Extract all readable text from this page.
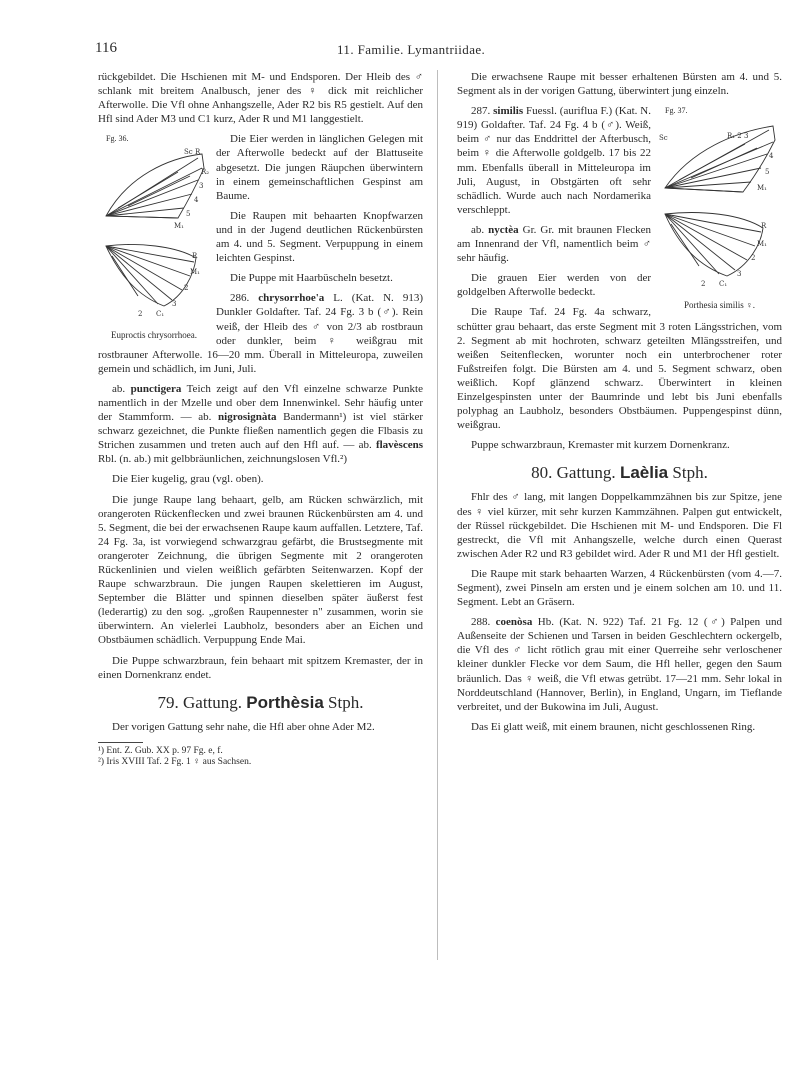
116	11. Familie. Lymantriidae.

rückgebildet. Die Hschienen mit M- und Endsporen. Der Hleib des ♂ schlank mit breitem Analbusch, jener des ♀ dick mit reichlicher Afterwolle. Die Vfl ohne Anhangszelle, Ader R2 bis R5 gestielt. Auf den Hfl sind Ader M3 und C1 kurz, Ader R und M1 langgestielt.

Fg. 36.
Sc R
R₂
3
4
5
M₁
R
M₁
2
3
C₁
2
Euproctis chrysorrhoea.

Die Eier werden in länglichen Gelegen mit der Afterwolle bedeckt auf der Blattuseite abgesetzt. Die jungen Räupchen überwintern in einem gemeinschaftlichen Gespinst am Baume.

Die Raupen mit behaarten Knopfwarzen und in der Jugend deutlichen Rückenbürsten am 4. und 5. Segment. Verpuppung in einem leichten Gespinst.

Die Puppe mit Haarbüscheln besetzt.

286. chrysorrhoe'a L. (Kat. N. 913) Dunkler Goldafter. Taf. 24 Fg. 3 b (♂). Rein weiß, der Hleib des ♂ von 2/3 ab rostbraun oder dunkler, beim ♀ weißgrau mit rostbrauner Afterwolle. 16—20 mm. Überall in Mitteleuropa, zuweilen gemein und schädlich, im Juni, Juli.

ab. punctigera Teich zeigt auf den Vfl einzelne schwarze Punkte namentlich in der Mzelle und ober dem Innenwinkel. Sehr häufig unter der Stammform. — ab. nigrosignàta Bandermann¹) ist viel stärker schwarz gezeichnet, die Punkte fließen namentlich gegen die Flbasis zu Strichen zusammen und treten auch auf den Hfl auf. — ab. flavèscens Rbl. (n. ab.) mit gelbbräunlichen, zeichnungslosen Vfl.²)

Die Eier kugelig, grau (vgl. oben).

Die junge Raupe lang behaart, gelb, am Rücken schwärzlich, mit orangeroten Rückenflecken und zwei braunen Rückenbürsten am 4. und 5. Segment, die bei der erwachsenen Raupe kaum auffallen. Letztere, Taf. 24 Fg. 3a, ist vorwiegend schwarzgrau gefärbt, die Brustsegmente mit orangeroter Zeichnung, die übrigen Segmente mit 2 orangeroten Rückenlinien und vielen weißlich gefärbten Seitenwarzen. Kopf der Raupe schwarzbraun. Die jungen Raupen skelettieren im August, September die Blätter und spinnen dieselben später äußerst fest (lederartig) zu den sog. „großen Raupennester n" zusammen, worin sie überwintern. An vielerlei Laubholz, besonders aber an Eichen und Obstbäumen schädlich. Verpuppung Ende Mai.

Die Puppe schwarzbraun, fein behaart mit spitzem Kremaster, der in einen Dornenkranz endet.

79. Gattung. Porthèsia Stph.

Der vorigen Gattung sehr nahe, die Hfl aber ohne Ader M2.

¹) Ent. Z. Gub. XX p. 97 Fg. e, f.

²) Iris XVIII Taf. 2 Fg. 1 ♀ aus Sachsen.

Die erwachsene Raupe mit besser erhaltenen Bürsten am 4. und 5. Segment als in der vorigen Gattung, überwintert jung einzeln.

Fg. 37.
Sc	R₁ 2 3
4
5
M₁
R
M₁
2
3
C₁
2
Porthesia similis ♀.

287. similis Fuessl. (auriflua F.) (Kat. N. 919) Goldafter. Taf. 24 Fg. 4 b (♂). Weiß, beim ♂ nur das Enddrittel der Afterbusch, beim ♀ die Afterwolle goldgelb. 17 bis 22 mm. Ebenfalls überall in Mitteleuropa im Juli, August, in Obstgärten oft sehr schädlich. Wurde auch nach Nordamerika verschleppt.

ab. nyctèa Gr. Gr. mit braunen Flecken am Innenrand der Vfl, namentlich beim ♂ sehr häufig.

Die grauen Eier werden von der goldgelben Afterwolle bedeckt.

Die Raupe Taf. 24 Fg. 4a schwarz, schütter grau behaart, das erste Segment mit 3 roten Längsstrichen, vom 2. Segment ab mit hochroten, schwarz geteilten Mlängsstreifen, und weißen Seitenflecken, worunter noch ein unterbrochener roter Fußstreifen folgt. Die Bürsten am 4. und 5. Segment schwarz, oben weißlich. Kopf glänzend schwarz. Überwintert in kleinen Einzelgespinsten unter der Baumrinde und lebt bis Juni ebenfalls polyphag an Laubholz, besonders Obstbäumen. Puppengespinst dünn, weißgrau.

Puppe schwarzbraun, Kremaster mit kurzem Dornenkranz.

80. Gattung. Laèlia Stph.

Fhlr des ♂ lang, mit langen Doppelkammzähnen bis zur Spitze, jene des ♀ viel kürzer, mit sehr kurzen Kammzähnen. Palpen gut entwickelt, der Rüssel rückgebildet. Die Hschienen mit M- und Endsporen. Die Fl gestreckt, die Vfl mit Anhangszelle, welche durch einen Querast zwischen Ader R2 und R3 gebildet wird. Ader R und M1 der Hfl gestielt.

Die Raupe mit stark behaarten Warzen, 4 Rückenbürsten (vom 4.—7. Segment), zwei Pinseln am ersten und je einem solchen am 10. und 11. Segment. Lebt an Gräsern.

288. coenòsa Hb. (Kat. N. 922) Taf. 21 Fg. 12 (♂) Palpen und Außenseite der Schienen und Tarsen in beiden Geschlechtern ockergelb, die Vfl des ♂ licht rötlich grau mit einer Querreihe sehr verloschener kleiner dunkler Flecke vor dem Saum, die Hfl heller, gegen den Saum bräunlich. Das ♀ weiß, die Vfl etwas getrübt. 17—21 mm. Sehr lokal in Norddeutschland (Hannover, Berlin), in England, Ungarn, im Tieflande verbreitet, und der Bukowina im Juli, August.

Das Ei glatt weiß, mit einem braunen, nicht geschlossenen Ring.
